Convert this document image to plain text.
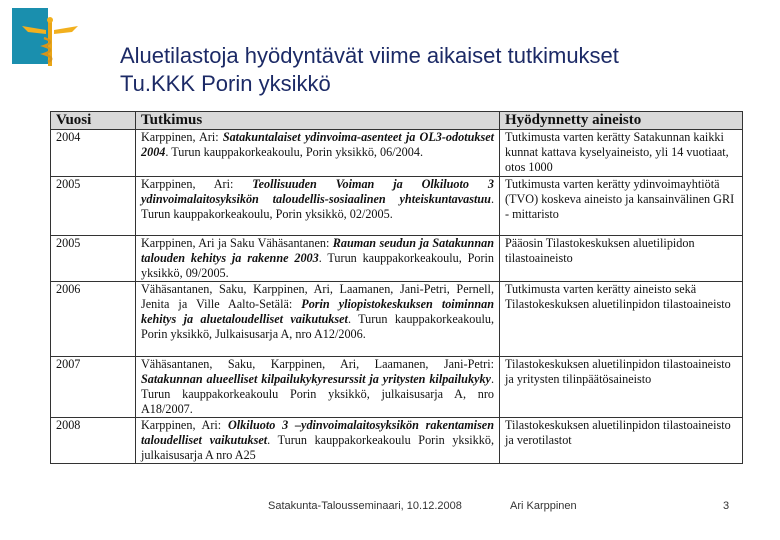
Aluetilastoja hyödyntävät viime aikaiset tutkimukset
Tu.KKK Porin yksikkö
Vuosi	Tutkimus	Hyödynnetty aineisto
2004	Karppinen, Ari: Satakuntalaiset ydinvoima-asenteet ja OL3-odotukset 2004. Turun kauppakorkeakoulu, Porin yksikkö, 06/2004.	Tutkimusta varten kerätty Satakunnan kaikki kunnat kattava kyselyaineisto, yli 14 vuotiaat, otos 1000
2005	Karppinen, Ari: Teollisuuden Voiman ja Olkiluoto 3 ydinvoimalaitosyksikön taloudellis-sosiaalinen yhteiskuntavastuu. Turun kauppakorkeakoulu, Porin yksikkö, 02/2005.	Tutkimusta varten kerätty ydinvoimayhtiötä (TVO) koskeva aineisto ja kansainvälinen GRI - mittaristo
2005	Karppinen, Ari ja Saku Vähäsantanen: Rauman seudun ja Satakunnan talouden kehitys ja rakenne 2003. Turun kauppakorkeakoulu, Porin yksikkö, 09/2005.	Pääosin Tilastokeskuksen aluetilipidon tilastoaineisto
2006	Vähäsantanen, Saku, Karppinen, Ari, Laamanen, Jani-Petri, Pernell, Jenita ja Ville Aalto-Setälä: Porin yliopistokeskuksen toiminnan kehitys ja aluetaloudelliset vaikutukset. Turun kauppakorkeakoulu, Porin yksikkö, Julkaisusarja A, nro A12/2006.	Tutkimusta varten kerätty aineisto sekä Tilastokeskuksen aluetilinpidon tilastoaineisto
2007	Vähäsantanen, Saku, Karppinen, Ari, Laamanen, Jani-Petri: Satakunnan alueelliset kilpailukykyresurssit ja yritysten kilpailukyky. Turun kauppakorkeakoulu Porin yksikkö, julkaisusarja A, nro A18/2007.	Tilastokeskuksen aluetilinpidon tilastoaineisto ja yritysten tilinpäätösaineisto
2008	Karppinen, Ari: Olkiluoto 3 –ydinvoimalaitosyksikön rakentamisen taloudelliset vaikutukset. Turun kauppakorkeakoulu Porin yksikkö, julkaisusarja A nro A25	Tilastokeskuksen aluetilinpidon tilastoaineisto ja verotilastot
Satakunta-Talousseminaari, 10.12.2008	Ari Karppinen	3
